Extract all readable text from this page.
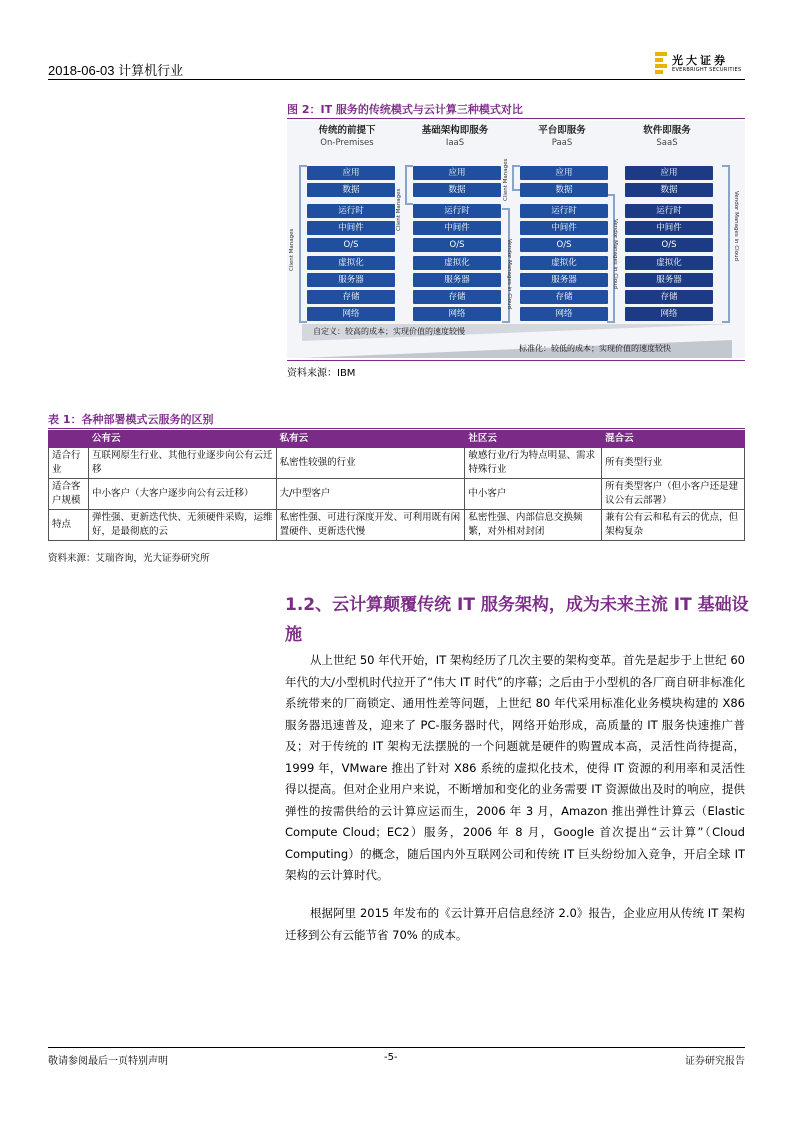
2018-06-03 计算机行业
光大证券
EVERBRIGHT SECURITIES
图 2：IT 服务的传统模式与云计算三种模式对比
传统的前提下
On-Premises
基础架构即服务
IaaS
平台即服务
PaaS
软件即服务
SaaS
Client Manages
Client Manages
Client Manages
Vendor Manages in Cloud	Vendor Manages in Cloud	Vendor Manages in Cloud
应用
数据
运行时
中间件
O/S
虚拟化
服务器
存储
网络
应用
数据
运行时
中间件
O/S
虚拟化
服务器
存储
网络
应用
数据
运行时
中间件
O/S
虚拟化
服务器
存储
网络
应用
数据
运行时
中间件
O/S
虚拟化
服务器
存储
网络
自定义：较高的成本；实现价值的速度较慢
标准化：较低的成本；实现价值的速度较快
资料来源：IBM
表 1：各种部署模式云服务的区别
	公有云	私有云	社区云	混合云
适合行业	互联网原生行业、其他行业逐步向公有云迁移	私密性较强的行业	敏感行业/行为特点明显、需求特殊行业	所有类型行业
适合客户规模	中小客户（大客户逐步向公有云迁移）	大/中型客户	中小客户	所有类型客户（但小客户还是建议公有云部署）
特点	弹性强、更新迭代快、无须硬件采购，运维好，是最彻底的云	私密性强、可进行深度开发、可利用既有闲置硬件、更新迭代慢	私密性强、内部信息交换频繁，对外相对封闭	兼有公有云和私有云的优点，但架构复杂
资料来源：艾瑞咨询，光大证券研究所
1.2、云计算颠覆传统 IT 服务架构，成为未来主流 IT 基础设施
从上世纪 50 年代开始，IT 架构经历了几次主要的架构变革。首先是起步于上世纪 60 年代的大/小型机时代拉开了“伟大 IT 时代”的序幕；之后由于小型机的各厂商自研非标准化系统带来的厂商锁定、通用性差等问题，上世纪 80 年代采用标准化业务模块构建的 X86 服务器迅速普及，迎来了 PC-服务器时代，网络开始形成，高质量的 IT 服务快速推广普及；对于传统的 IT 架构无法摆脱的一个问题就是硬件的购置成本高，灵活性尚待提高，1999 年，VMware 推出了针对 X86 系统的虚拟化技术，使得 IT 资源的利用率和灵活性得以提高。但对企业用户来说，不断增加和变化的业务需要 IT 资源做出及时的响应，提供弹性的按需供给的云计算应运而生，2006 年 3 月，Amazon 推出弹性计算云（Elastic Compute Cloud；EC2）服务，2006 年 8 月，Google 首次提出“云计算”（Cloud Computing）的概念，随后国内外互联网公司和传统 IT 巨头纷纷加入竞争，开启全球 IT 架构的云计算时代。
根据阿里 2015 年发布的《云计算开启信息经济 2.0》报告，企业应用从传统 IT 架构迁移到公有云能节省 70% 的成本。
敬请参阅最后一页特别声明	-5-	证券研究报告
